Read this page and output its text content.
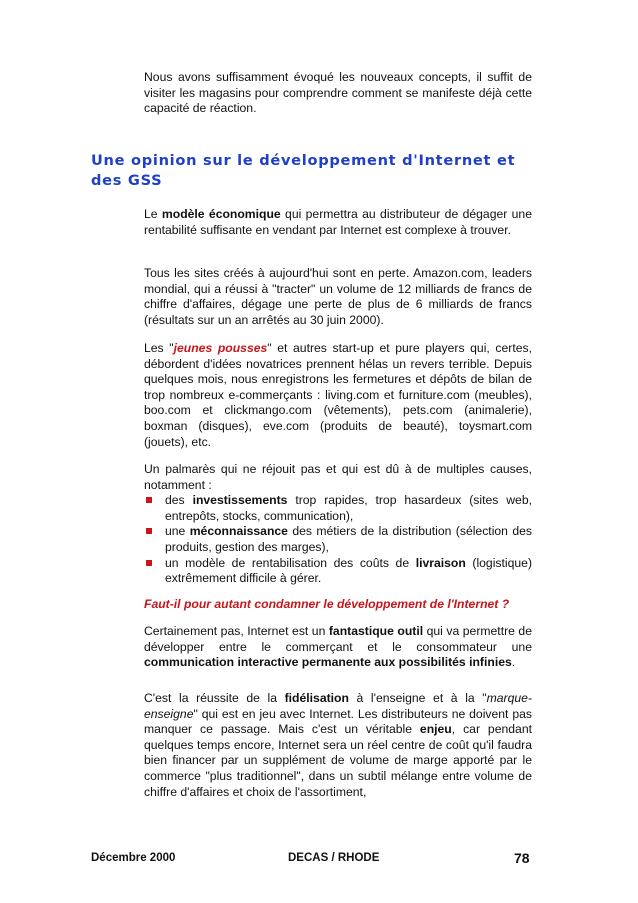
Nous avons suffisamment évoqué les nouveaux concepts, il suffit de visiter les magasins pour comprendre comment se manifeste déjà cette capacité de réaction.

Une opinion sur le développement d'Internet et des GSS

Le modèle économique qui permettra au distributeur de dégager une rentabilité suffisante en vendant par Internet est complexe à trouver.

Tous les sites créés à aujourd'hui sont en perte. Amazon.com, leaders mondial, qui a réussi à "tracter" un volume de 12 milliards de francs de chiffre d'affaires, dégage une perte de plus de 6 milliards de francs (résultats sur un an arrêtés au 30 juin 2000).

Les "jeunes pousses" et autres start-up et pure players qui, certes, débordent d'idées novatrices prennent hélas un revers terrible. Depuis quelques mois, nous enregistrons les fermetures et dépôts de bilan de trop nombreux e-commerçants : living.com et furniture.com (meubles), boo.com et clickmango.com (vêtements), pets.com (animalerie), boxman (disques), eve.com (produits de beauté), toysmart.com (jouets), etc.

Un palmarès qui ne réjouit pas et qui est dû à de multiples causes, notamment :
des investissements trop rapides, trop hasardeux (sites web, entrepôts, stocks, communication),
une méconnaissance des métiers de la distribution (sélection des produits, gestion des marges),
un modèle de rentabilisation des coûts de livraison (logistique) extrêmement difficile à gérer.

Faut-il pour autant condamner le développement de l'Internet ?

Certainement pas, Internet est un fantastique outil qui va permettre de développer entre le commerçant et le consommateur une communication interactive permanente aux possibilités infinies.

C'est la réussite de la fidélisation à l'enseigne et à la "marque-enseigne" qui est en jeu avec Internet. Les distributeurs ne doivent pas manquer ce passage. Mais c'est un véritable enjeu, car pendant quelques temps encore, Internet sera un réel centre de coût qu'il faudra bien financer par un supplément de volume de marge apporté par le commerce "plus traditionnel", dans un subtil mélange entre volume de chiffre d'affaires et choix de l'assortiment,

Décembre 2000	DECAS / RHODE	78
